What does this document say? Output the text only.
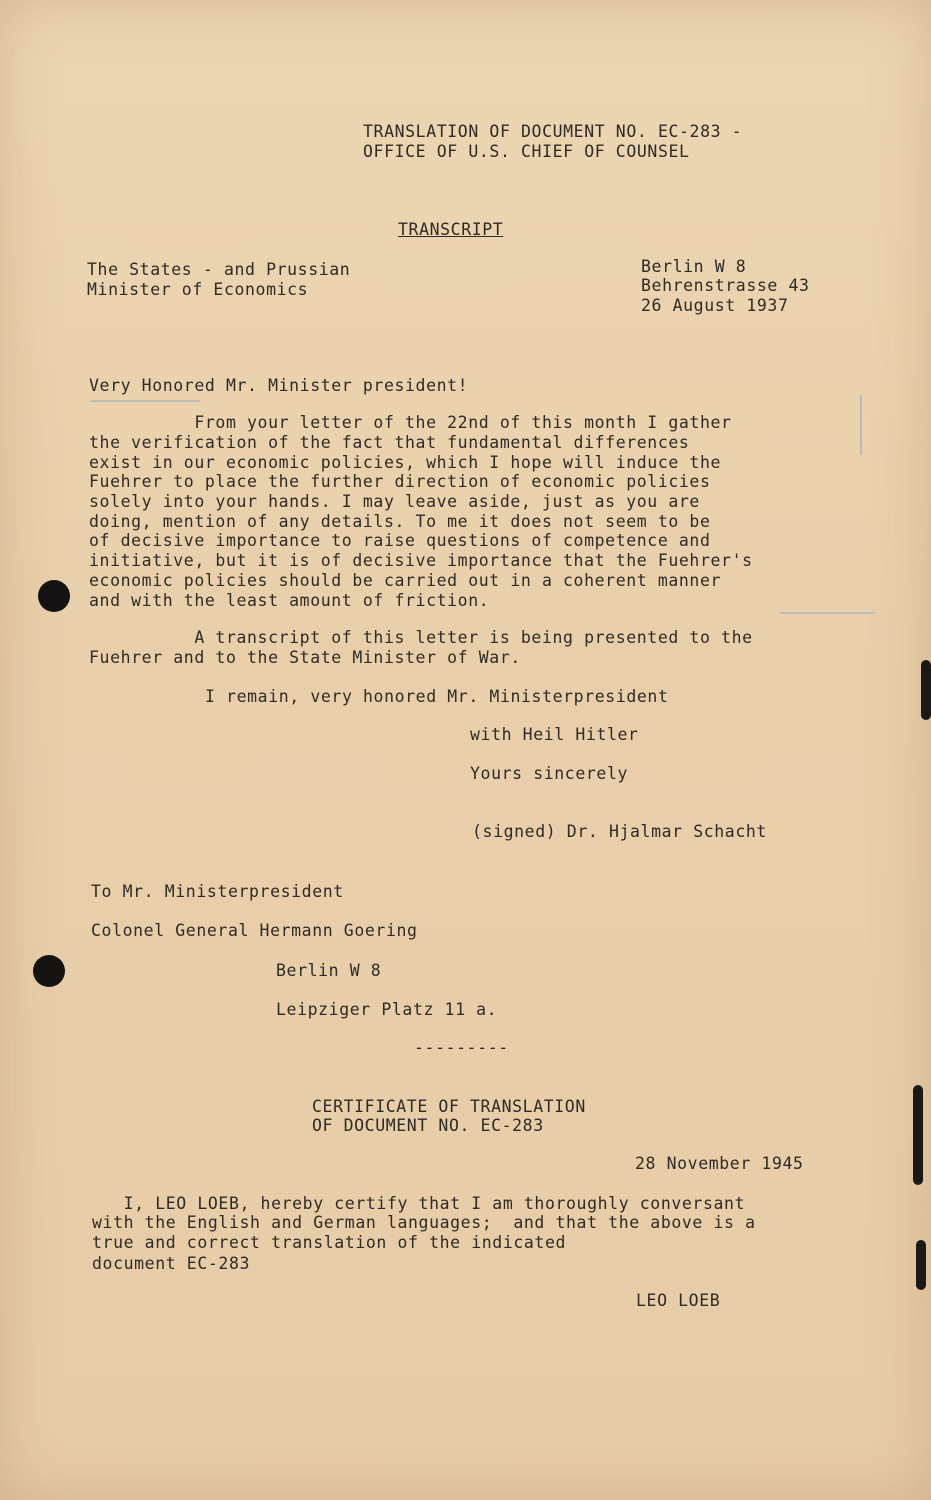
TRANSLATION OF DOCUMENT NO. EC-283 -
OFFICE OF U.S. CHIEF OF COUNSEL
TRANSCRIPT
The States - and Prussian
Minister of Economics
Berlin W 8
Behrenstrasse 43
26 August 1937
Very Honored Mr. Minister president!
From your letter of the 22nd of this month I gather
the verification of the fact that fundamental differences
exist in our economic policies, which I hope will induce the
Fuehrer to place the further direction of economic policies
solely into your hands. I may leave aside, just as you are
doing, mention of any details. To me it does not seem to be
of decisive importance to raise questions of competence and
initiative, but it is of decisive importance that the Fuehrer's
economic policies should be carried out in a coherent manner
and with the least amount of friction.
A transcript of this letter is being presented to the
Fuehrer and to the State Minister of War.
I remain, very honored Mr. Ministerpresident
with Heil Hitler
Yours sincerely
(signed) Dr. Hjalmar Schacht
To Mr. Ministerpresident
Colonel General Hermann Goering
Berlin W 8
Leipziger Platz 11 a.
---------
CERTIFICATE OF TRANSLATION
OF DOCUMENT NO. EC-283
28 November 1945
I, LEO LOEB, hereby certify that I am thoroughly conversant
with the English and German languages;  and that the above is a
true and correct translation of the indicated
document EC-283
LEO LOEB
